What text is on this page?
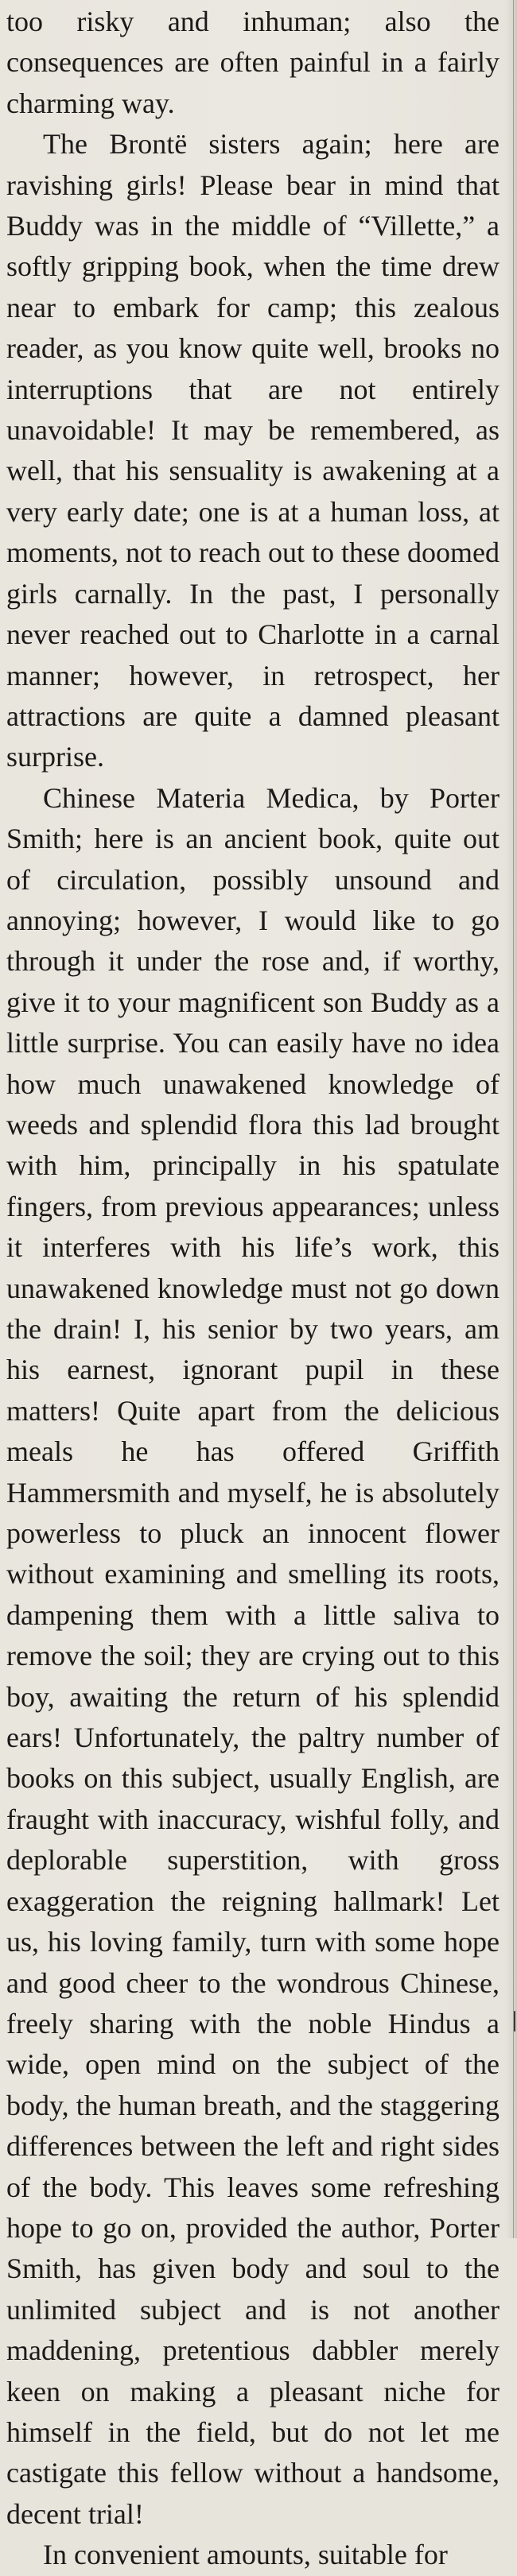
too risky and inhuman; also the consequences are often painful in a fairly charming way.

The Brontë sisters again; here are ravishing girls! Please bear in mind that Buddy was in the middle of “Villette,” a softly gripping book, when the time drew near to embark for camp; this zealous reader, as you know quite well, brooks no interruptions that are not entirely unavoidable! It may be remembered, as well, that his sensuality is awakening at a very early date; one is at a human loss, at moments, not to reach out to these doomed girls carnally. In the past, I personally never reached out to Charlotte in a carnal manner; however, in retrospect, her attractions are quite a damned pleasant surprise.

Chinese Materia Medica, by Porter Smith; here is an ancient book, quite out of circulation, possibly unsound and annoying; however, I would like to go through it under the rose and, if worthy, give it to your magnificent son Buddy as a little surprise. You can easily have no idea how much unawakened knowledge of weeds and splendid flora this lad brought with him, principally in his spatulate fingers, from previous appearances; unless it interferes with his life’s work, this unawakened knowledge must not go down the drain! I, his senior by two years, am his earnest, ignorant pupil in these matters! Quite apart from the delicious meals he has offered Griffith Hammersmith and myself, he is absolutely powerless to pluck an innocent flower without examining and smelling its roots, dampening them with a little saliva to remove the soil; they are crying out to this boy, awaiting the return of his splendid ears! Unfortunately, the paltry number of books on this subject, usually English, are fraught with inaccuracy, wishful folly, and deplorable superstition, with gross exaggeration the reigning hallmark! Let us, his loving family, turn with some hope and good cheer to the wondrous Chinese, freely sharing with the noble Hindus a wide, open mind on the subject of the body, the human breath, and the staggering differences between the left and right sides of the body. This leaves some refreshing hope to go on, provided the author, Porter Smith, has given body and soul to the unlimited subject and is not another maddening, pretentious dabbler merely keen on making a pleasant niche for himself in the field, but do not let me castigate this fellow without a handsome, decent trial!

In convenient amounts, suitable for
